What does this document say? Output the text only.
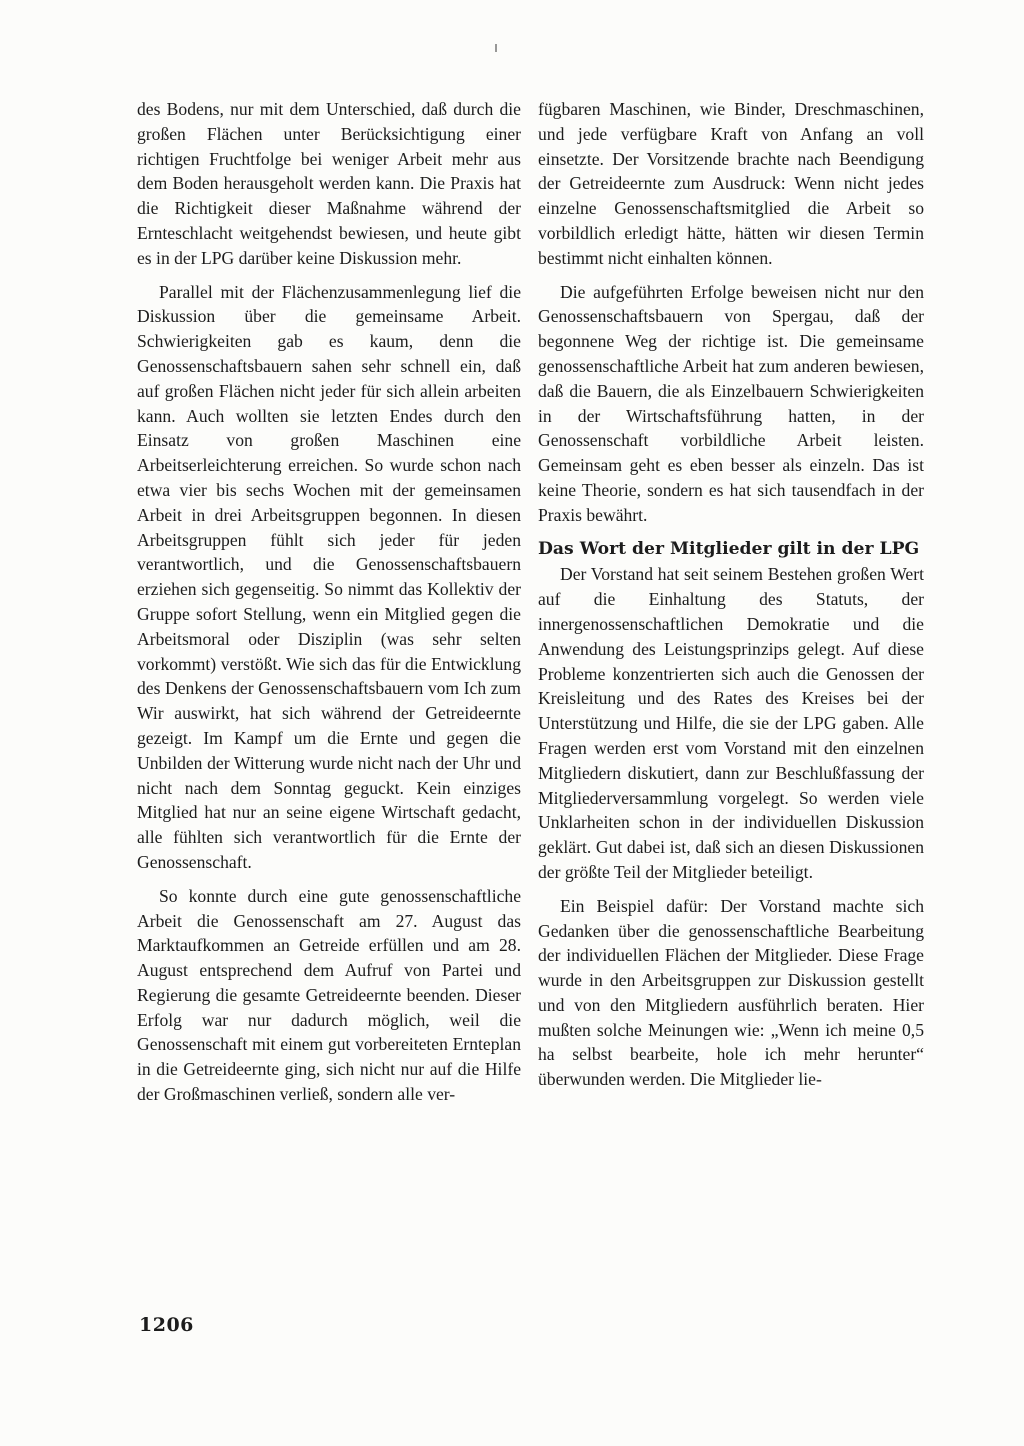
des Bodens, nur mit dem Unterschied, daß durch die großen Flächen unter Berücksichtigung einer richtigen Fruchtfolge bei weniger Arbeit mehr aus dem Boden herausgeholt werden kann. Die Praxis hat die Richtigkeit dieser Maßnahme während der Ernteschlacht weitgehendst bewiesen, und heute gibt es in der LPG darüber keine Diskussion mehr.

Parallel mit der Flächenzusammenlegung lief die Diskussion über die gemeinsame Arbeit. Schwierigkeiten gab es kaum, denn die Genossenschaftsbauern sahen sehr schnell ein, daß auf großen Flächen nicht jeder für sich allein arbeiten kann. Auch wollten sie letzten Endes durch den Einsatz von großen Maschinen eine Arbeitserleichterung erreichen. So wurde schon nach etwa vier bis sechs Wochen mit der gemeinsamen Arbeit in drei Arbeitsgruppen begonnen. In diesen Arbeitsgruppen fühlt sich jeder für jeden verantwortlich, und die Genossenschaftsbauern erziehen sich gegenseitig. So nimmt das Kollektiv der Gruppe sofort Stellung, wenn ein Mitglied gegen die Arbeitsmoral oder Disziplin (was sehr selten vorkommt) verstößt. Wie sich das für die Entwicklung des Denkens der Genossenschaftsbauern vom Ich zum Wir auswirkt, hat sich während der Getreideernte gezeigt. Im Kampf um die Ernte und gegen die Unbilden der Witterung wurde nicht nach der Uhr und nicht nach dem Sonntag geguckt. Kein einziges Mitglied hat nur an seine eigene Wirtschaft gedacht, alle fühlten sich verantwortlich für die Ernte der Genossenschaft.

So konnte durch eine gute genossenschaftliche Arbeit die Genossenschaft am 27. August das Marktaufkommen an Getreide erfüllen und am 28. August entsprechend dem Aufruf von Partei und Regierung die gesamte Getreideernte beenden. Dieser Erfolg war nur dadurch möglich, weil die Genossenschaft mit einem gut vorbereiteten Ernteplan in die Getreideernte ging, sich nicht nur auf die Hilfe der Großmaschinen verließ, sondern alle ver-

fügbaren Maschinen, wie Binder, Dreschmaschinen, und jede verfügbare Kraft von Anfang an voll einsetzte. Der Vorsitzende brachte nach Beendigung der Getreideernte zum Ausdruck: Wenn nicht jedes einzelne Genossenschaftsmitglied die Arbeit so vorbildlich erledigt hätte, hätten wir diesen Termin bestimmt nicht einhalten können.

Die aufgeführten Erfolge beweisen nicht nur den Genossenschaftsbauern von Spergau, daß der begonnene Weg der richtige ist. Die gemeinsame genossenschaftliche Arbeit hat zum anderen bewiesen, daß die Bauern, die als Einzelbauern Schwierigkeiten in der Wirtschaftsführung hatten, in der Genossenschaft vorbildliche Arbeit leisten. Gemeinsam geht es eben besser als einzeln. Das ist keine Theorie, sondern es hat sich tausendfach in der Praxis bewährt.

Das Wort der Mitglieder gilt in der LPG

Der Vorstand hat seit seinem Bestehen großen Wert auf die Einhaltung des Statuts, der innergenossenschaftlichen Demokratie und die Anwendung des Leistungsprinzips gelegt. Auf diese Probleme konzentrierten sich auch die Genossen der Kreisleitung und des Rates des Kreises bei der Unterstützung und Hilfe, die sie der LPG gaben. Alle Fragen werden erst vom Vorstand mit den einzelnen Mitgliedern diskutiert, dann zur Beschlußfassung der Mitgliederversammlung vorgelegt. So werden viele Unklarheiten schon in der individuellen Diskussion geklärt. Gut dabei ist, daß sich an diesen Diskussionen der größte Teil der Mitglieder beteiligt.

Ein Beispiel dafür: Der Vorstand machte sich Gedanken über die genossenschaftliche Bearbeitung der individuellen Flächen der Mitglieder. Diese Frage wurde in den Arbeitsgruppen zur Diskussion gestellt und von den Mitgliedern ausführlich beraten. Hier mußten solche Meinungen wie: „Wenn ich meine 0,5 ha selbst bearbeite, hole ich mehr herunter“ überwunden werden. Die Mitglieder lie-

1206
